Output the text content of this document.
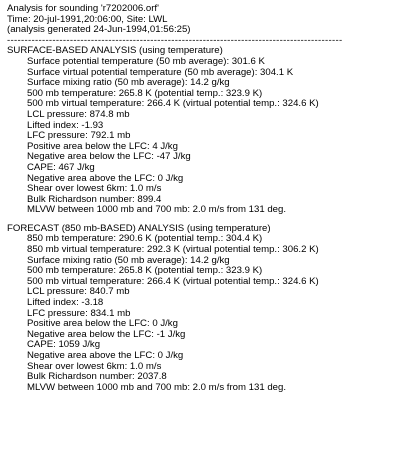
Analysis for sounding 'r7202006.orf'
Time: 20-jul-1991,20:06:00, Site: LWL
(analysis generated 24-Jun-1994,01:56:25)
------------------------------------------------------------------------------------------------
SURFACE-BASED ANALYSIS (using temperature)
Surface potential temperature (50 mb average): 301.6 K
Surface virtual potential temperature (50 mb average): 304.1 K
Surface mixing ratio (50 mb average): 14.2 g/kg
500 mb temperature: 265.8 K (potential temp.: 323.9 K)
500 mb virtual temperature: 266.4 K (virtual potential temp.: 324.6 K)
LCL pressure: 874.8 mb
Lifted index: -1.93
LFC pressure: 792.1 mb
Positive area below the LFC: 4 J/kg
Negative area below the LFC: -47 J/kg
CAPE: 467 J/kg
Negative area above the LFC: 0 J/kg
Shear over lowest 6km: 1.0 m/s
Bulk Richardson number: 899.4
MLVW between 1000 mb and 700 mb: 2.0 m/s from 131 deg.
FORECAST (850 mb-BASED) ANALYSIS (using temperature)
850 mb temperature: 290.6 K (potential temp.: 304.4 K)
850 mb virtual temperature: 292.3 K (virtual potential temp.: 306.2 K)
Surface mixing ratio (50 mb average): 14.2 g/kg
500 mb temperature: 265.8 K (potential temp.: 323.9 K)
500 mb virtual temperature: 266.4 K (virtual potential temp.: 324.6 K)
LCL pressure: 840.7 mb
Lifted index: -3.18
LFC pressure: 834.1 mb
Positive area below the LFC: 0 J/kg
Negative area below the LFC: -1 J/kg
CAPE: 1059 J/kg
Negative area above the LFC: 0 J/kg
Shear over lowest 6km: 1.0 m/s
Bulk Richardson number: 2037.8
MLVW between 1000 mb and 700 mb: 2.0 m/s from 131 deg.
